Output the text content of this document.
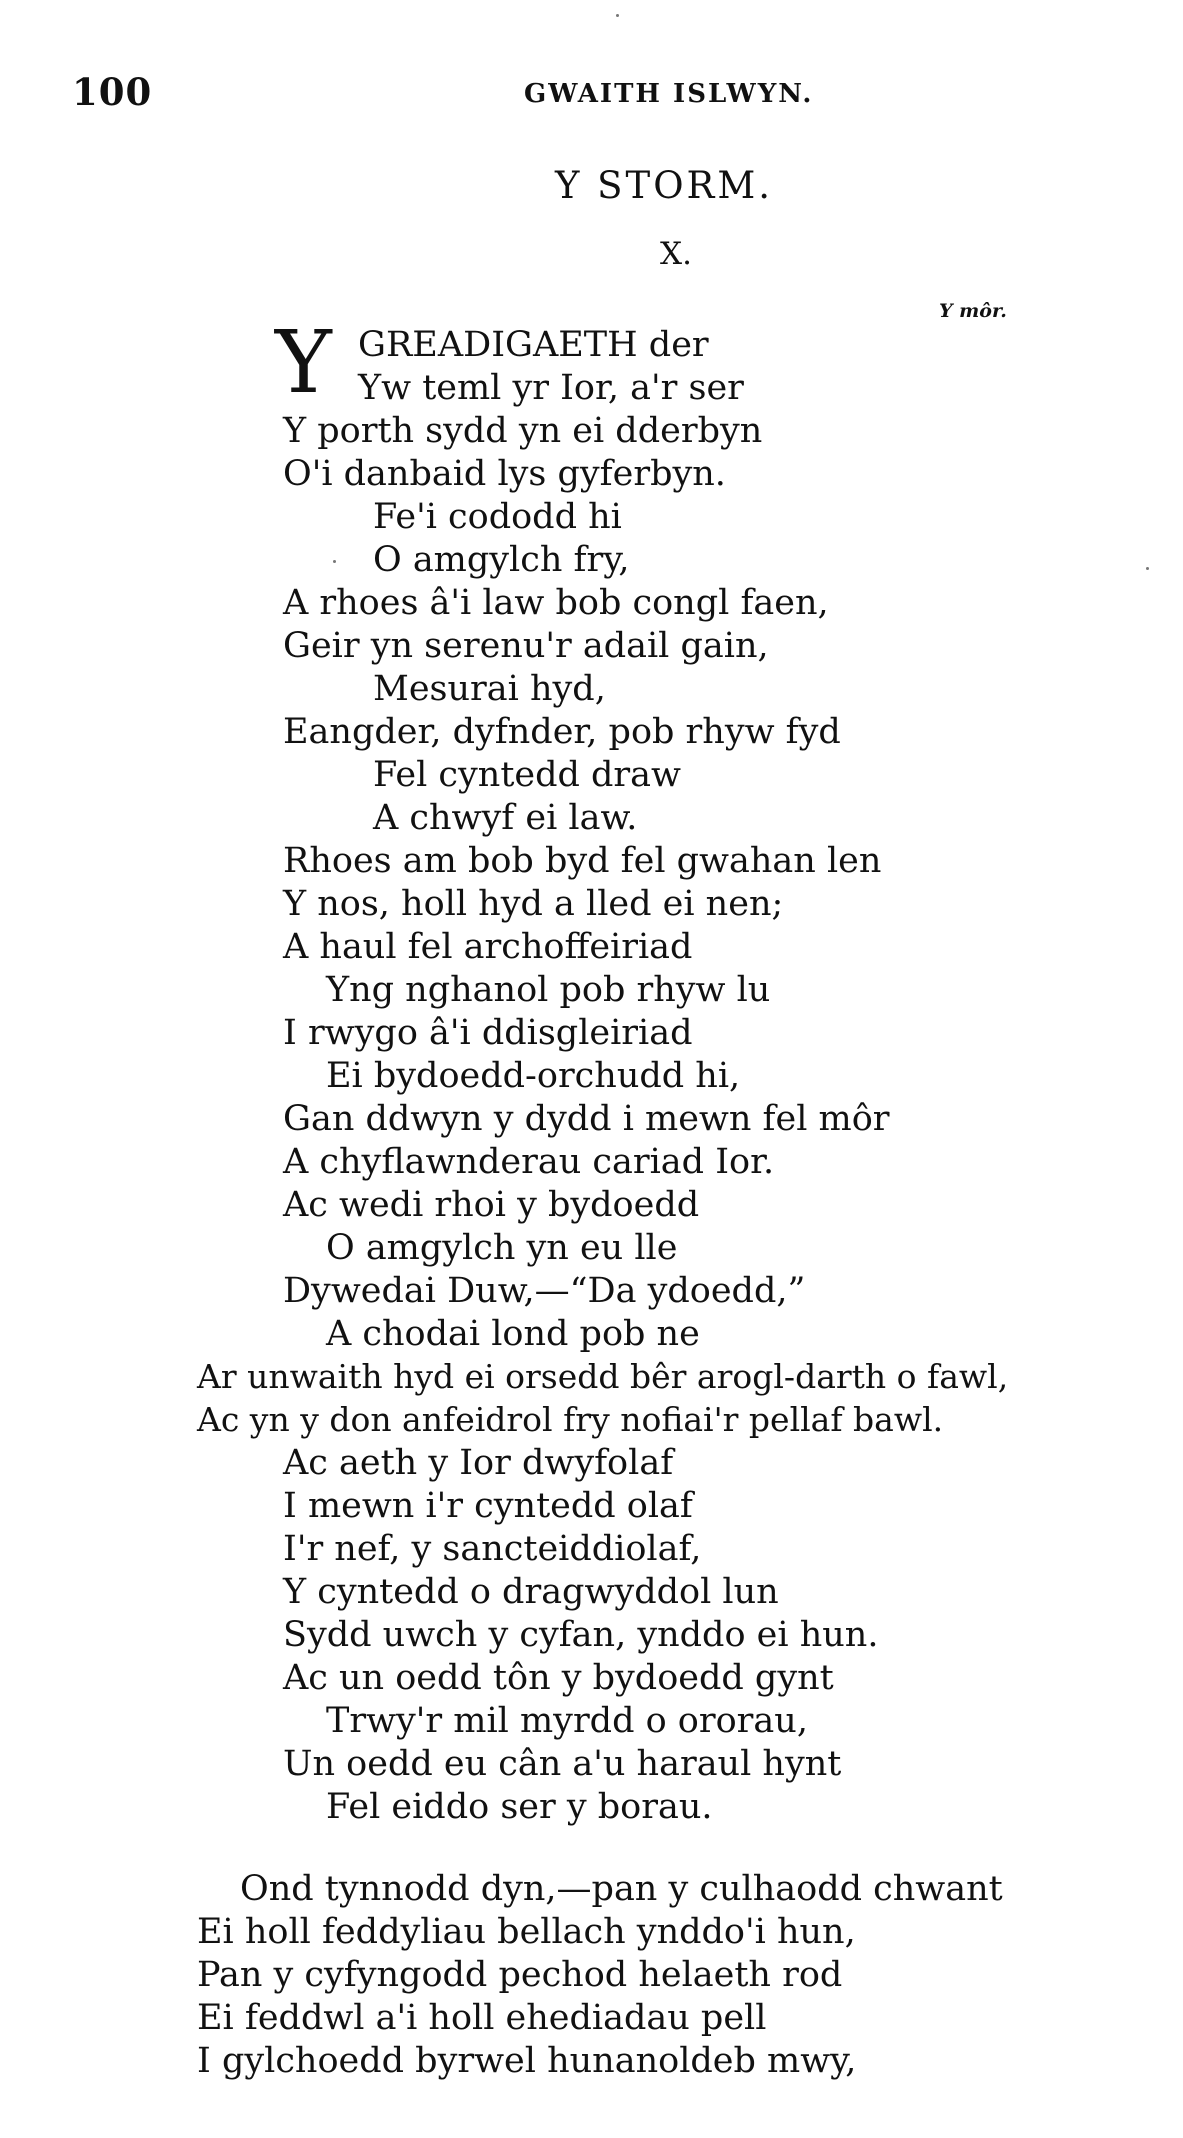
100	GWAITH ISLWYN.
Y STORM.
X.
Y môr.
Y GREADIGAETH der
Yw teml yr Ior, a'r ser
Y porth sydd yn ei dderbyn
O'i danbaid lys gyferbyn.
Fe'i cododd hi
O amgylch fry,
A rhoes â'i law bob congl faen,
Geir yn serenu'r adail gain,
Mesurai hyd,
Eangder, dyfnder, pob rhyw fyd
Fel cyntedd draw
A chwyf ei law.
Rhoes am bob byd fel gwahan len
Y nos, holl hyd a lled ei nen;
A haul fel archoffeiriad
Yng nghanol pob rhyw lu
I rwygo â'i ddisgleiriad
Ei bydoedd-orchudd hi,
Gan ddwyn y dydd i mewn fel môr
A chyflawnderau cariad Ior.
Ac wedi rhoi y bydoedd
O amgylch yn eu lle
Dywedai Duw,—“Da ydoedd,”
A chodai lond pob ne
Ar unwaith hyd ei orsedd bêr arogl-darth o fawl,
Ac yn y don anfeidrol fry nofiai'r pellaf bawl.
Ac aeth y Ior dwyfolaf
I mewn i'r cyntedd olaf
I'r nef, y sancteiddiolaf,
Y cyntedd o dragwyddol lun
Sydd uwch y cyfan, ynddo ei hun.
Ac un oedd tôn y bydoedd gynt
Trwy'r mil myrdd o ororau,
Un oedd eu cân a'u haraul hynt
Fel eiddo ser y borau.
Ond tynnodd dyn,—pan y culhaodd chwant
Ei holl feddyliau bellach ynddo'i hun,
Pan y cyfyngodd pechod helaeth rod
Ei feddwl a'i holl ehediadau pell
I gylchoedd byrwel hunanoldeb mwy,
